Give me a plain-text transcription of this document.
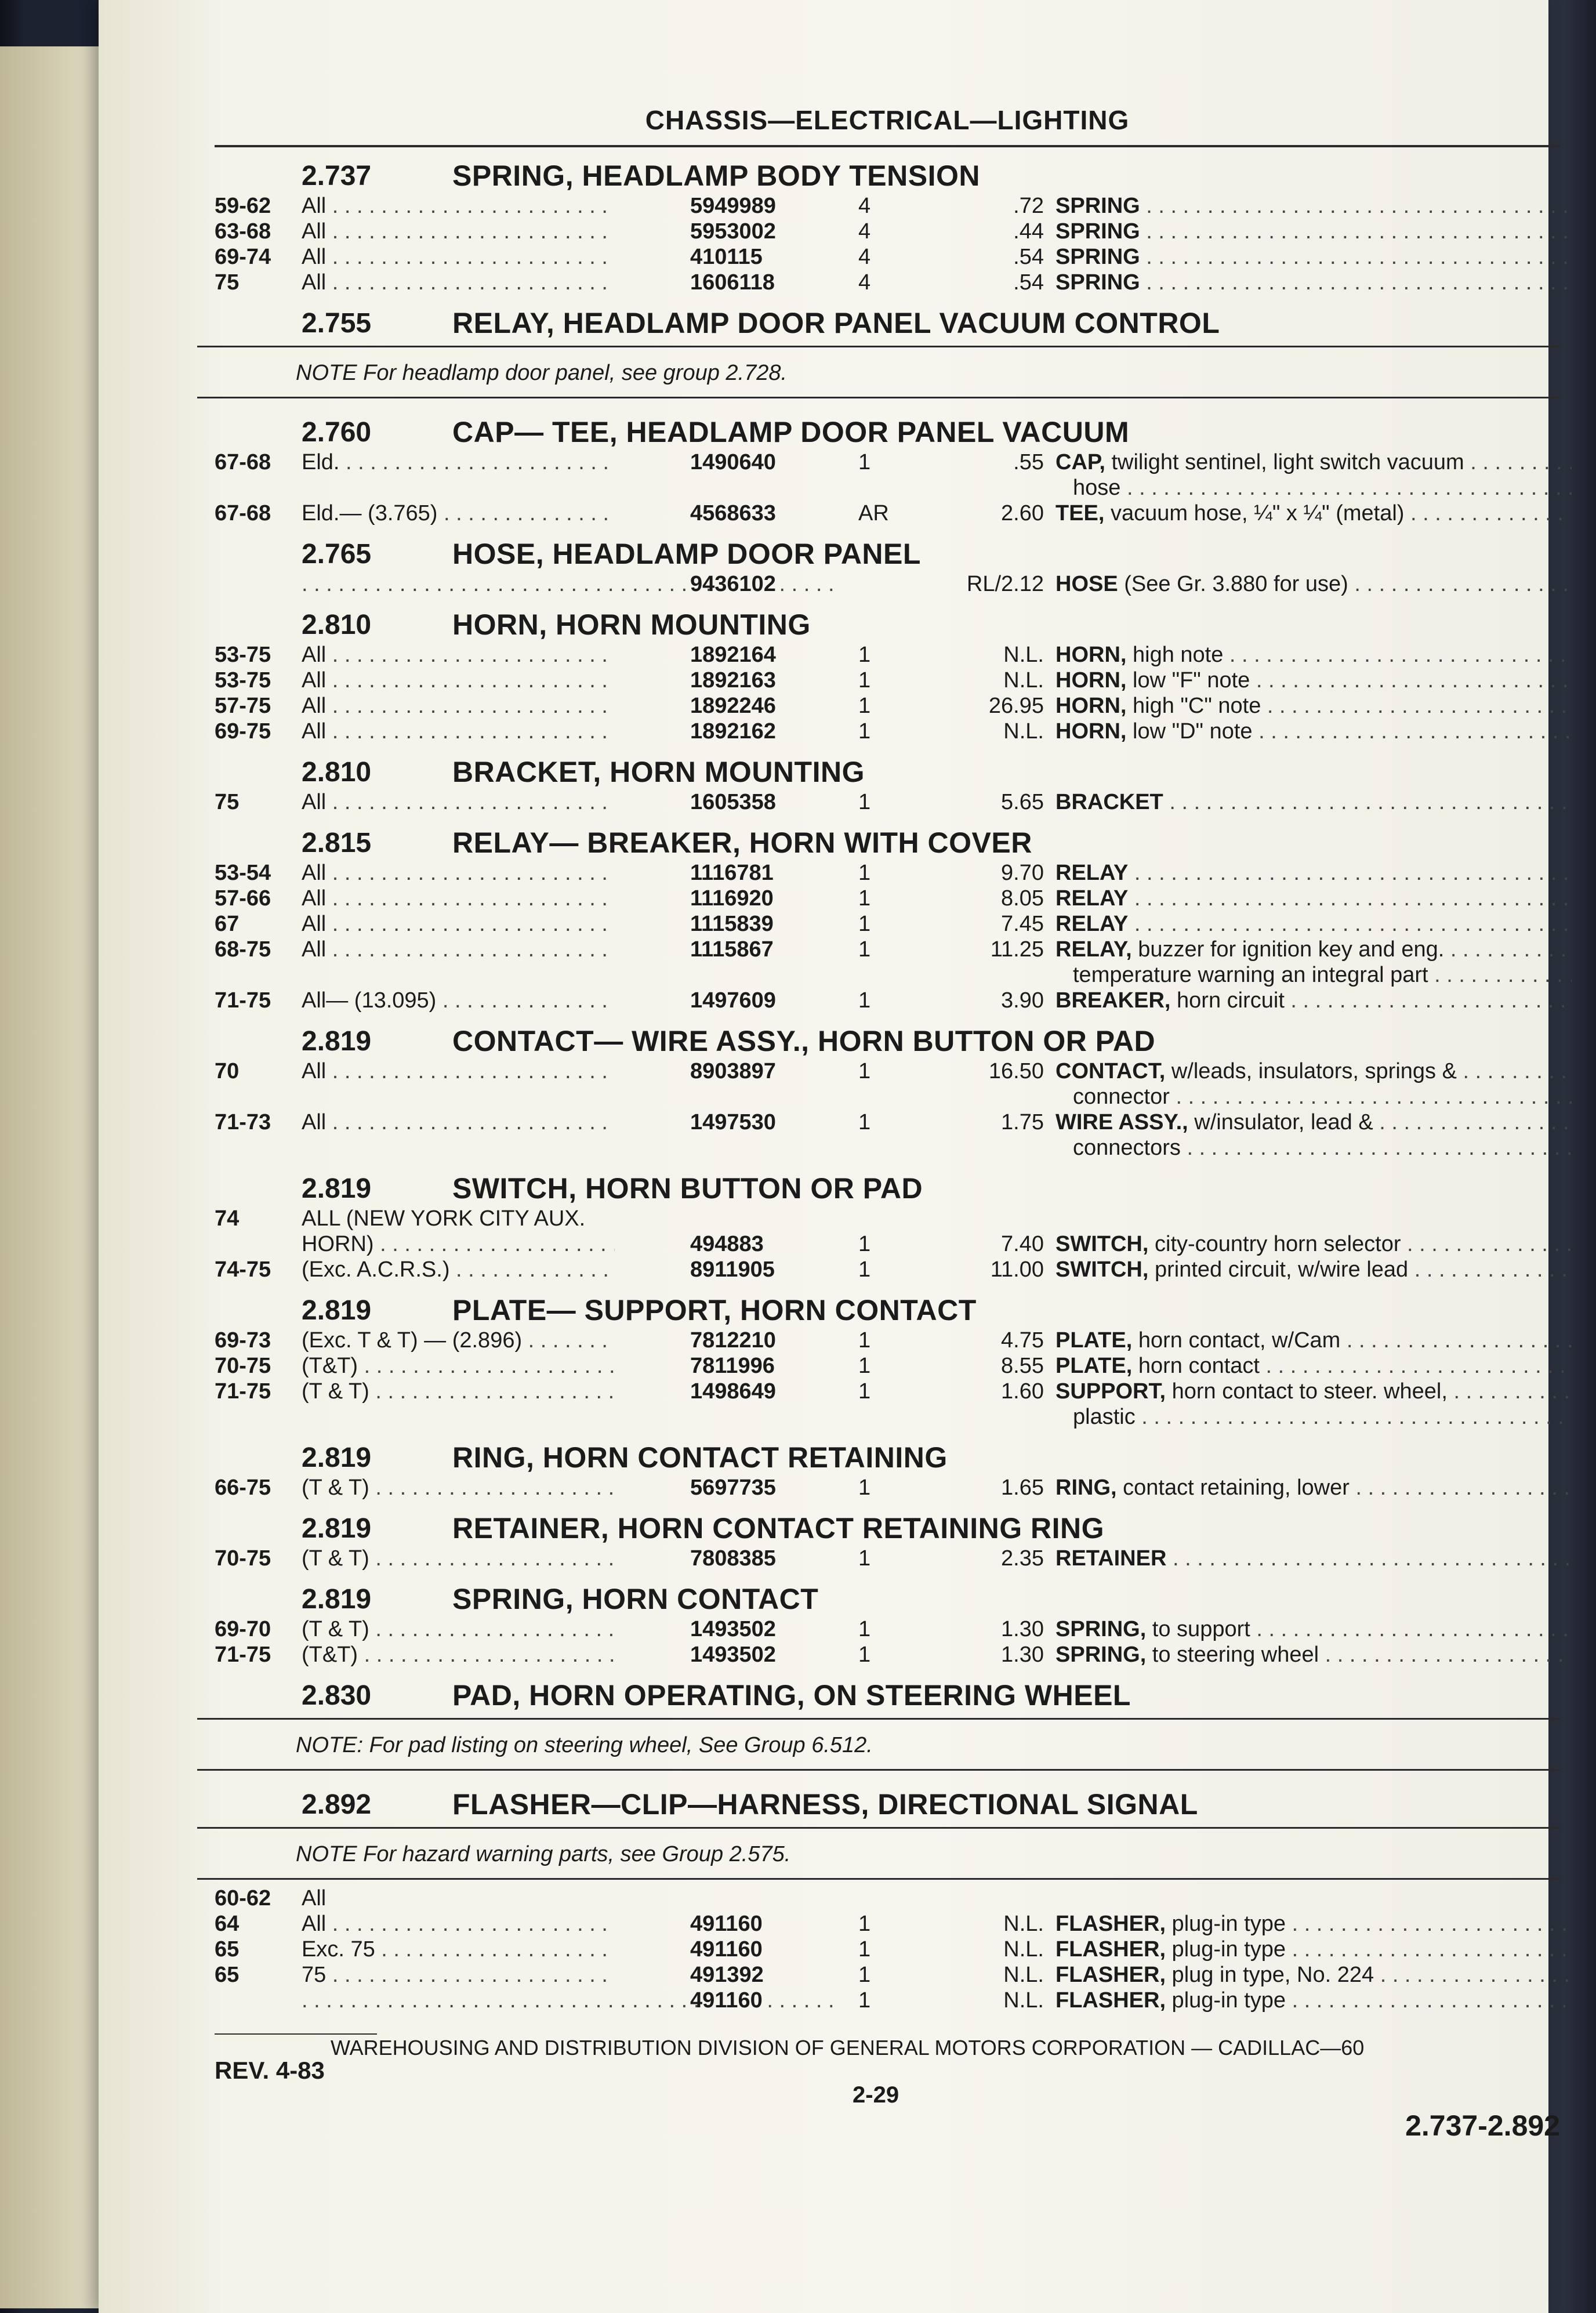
CHASSIS—ELECTRICAL—LIGHTING
2.737	SPRING, HEADLAMP BODY TENSION
59-62 All . . .	5949989	4	.72 SPRING . . .
63-68 All . . .	5953002	4	.44 SPRING . . .
69-74 All . . .	410115	4	.54 SPRING . . .
75	All . . .	1606118	4	.54 SPRING . . .
2.755	RELAY, HEADLAMP DOOR PANEL VACUUM CONTROL
NOTE For headlamp door panel, see group 2.728.
2.760	CAP— TEE, HEADLAMP DOOR PANEL VACUUM
67-68 Eld. . . .	1490640	1	.55 CAP, twilight sentinel, light switch vacuum . . .
hose . . .
67-68 Eld.— (3.765) . . .	4568633	AR	2.60 TEE, vacuum hose, ¼" x ¼" (metal) . . .
2.765	HOSE, HEADLAMP DOOR PANEL
. . .
9436102	RL/2.12 HOSE (See Gr. 3.880 for use) . . .
2.810	HORN, HORN MOUNTING
53-75 All . . .	1892164	1	N.L. HORN, high note . . .
53-75 All . . .	1892163	1	N.L. HORN, low "F" note . . .
57-75 All . . .	1892246	1	26.95 HORN, high "C" note . . .
69-75 All . . .	1892162	1	N.L. HORN, low "D" note . . .
2.810	BRACKET, HORN MOUNTING
75	All . . .	1605358	1	5.65 BRACKET . . .
2.815	RELAY— BREAKER, HORN WITH COVER
53-54 All . . .	1116781	1	9.70 RELAY . . .
57-66 All . . .	1116920	1	8.05 RELAY . . .
67	All . . .	1115839	1	7.45 RELAY . . .
68-75 All . . .	1115867	1	11.25 RELAY, buzzer for ignition key and eng. . . .
temperature warning an integral part . . .
71-75 All— (13.095) . . .	1497609	1	3.90 BREAKER, horn circuit . . .
2.819	CONTACT— WIRE ASSY., HORN BUTTON OR PAD
70	All . . .	8903897	1	16.50 CONTACT, w/leads, insulators, springs & . . .
connector . . .
71-73 All . . .	1497530	1	1.75 WIRE ASSY., w/insulator, lead & . . .
connectors . . .
2.819	SWITCH, HORN BUTTON OR PAD
74	ALL (NEW YORK CITY AUX.
HORN) . . .	494883	1	7.40 SWITCH, city-country horn selector . . .
74-75 (Exc. A.C.R.S.) . . .	8911905	1	11.00 SWITCH, printed circuit, w/wire lead . . .
2.819	PLATE— SUPPORT, HORN CONTACT
69-73 (Exc. T & T) — (2.896) . . .	7812210	1	4.75 PLATE, horn contact, w/Cam . . .
70-75 (T&T) . . .	7811996	1	8.55 PLATE, horn contact . . .
71-75 (T & T) . . .	1498649	1	1.60 SUPPORT, horn contact to steer. wheel, . . .
plastic . . .
2.819	RING, HORN CONTACT RETAINING
66-75 (T & T) . . .	5697735	1	1.65 RING, contact retaining, lower . . .
2.819	RETAINER, HORN CONTACT RETAINING RING
70-75 (T & T) . . .	7808385	1	2.35 RETAINER . . .
2.819	SPRING, HORN CONTACT
69-70 (T & T) . . .	1493502	1	1.30 SPRING, to support . . .
71-75 (T&T) . . .	1493502	1	1.30 SPRING, to steering wheel . . .
2.830	PAD, HORN OPERATING, ON STEERING WHEEL
NOTE: For pad listing on steering wheel, See Group 6.512.
2.892	FLASHER—CLIP—HARNESS, DIRECTIONAL SIGNAL
NOTE For hazard warning parts, see Group 2.575.
60-62 All
64	All . . .	491160	1	N.L. FLASHER, plug-in type . . .
65	Exc. 75 . . .	491160	1	N.L. FLASHER, plug-in type . . .
65	75 . . .	491392	1	N.L. FLASHER, plug in type, No. 224 . . .
. . .
491160	1	N.L. FLASHER, plug-in type . . .
WAREHOUSING AND DISTRIBUTION DIVISION OF GENERAL MOTORS CORPORATION — CADILLAC—60
REV. 4-83
2-29
2.737-2.892
